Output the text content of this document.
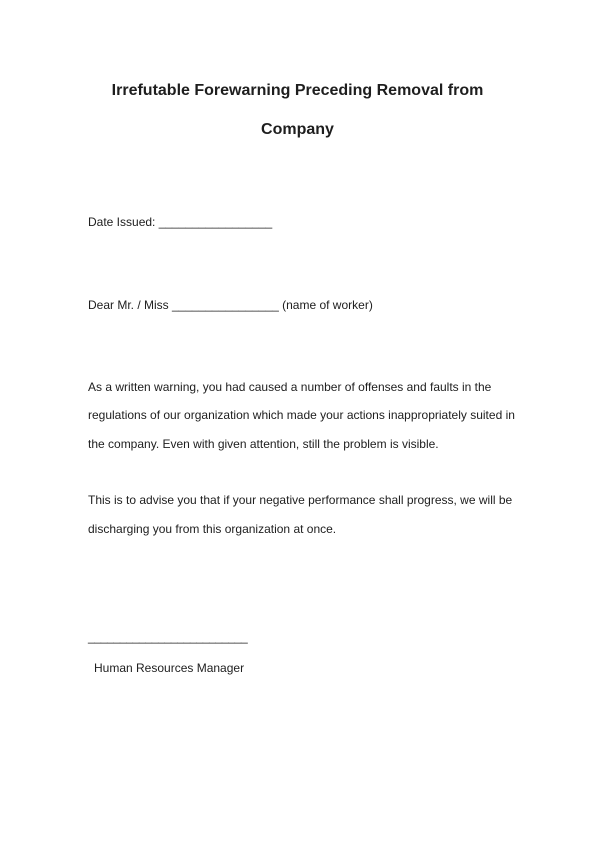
Irrefutable Forewarning Preceding Removal from
Company
Date Issued: _________________
Dear Mr. / Miss ________________ (name of worker)
As a written warning, you had caused a number of offenses and faults in the
regulations of our organization which made your actions inappropriately suited in
the company. Even with given attention, still the problem is visible.
This is to advise you that if your negative performance shall progress, we will be
discharging you from this organization at once.
_________________________
Human Resources Manager
